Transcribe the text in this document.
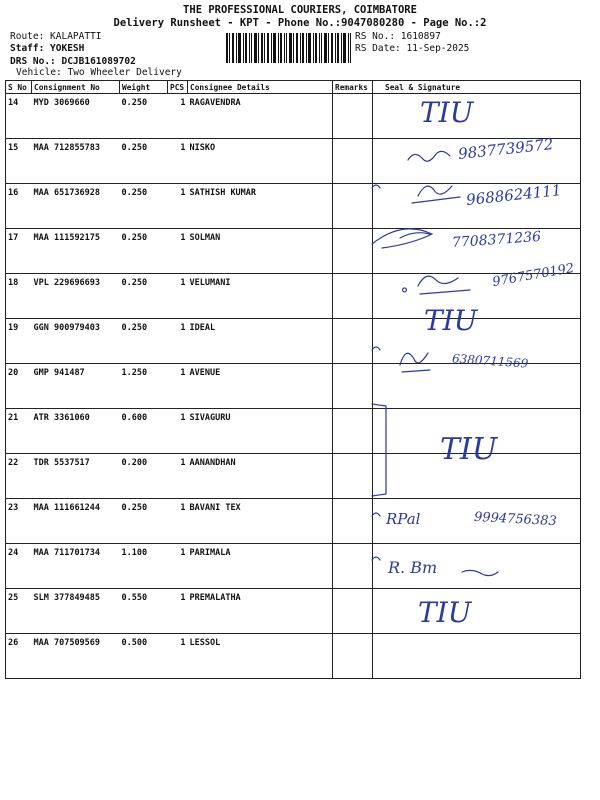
THE PROFESSIONAL COURIERS, COIMBATORE
Delivery Runsheet - KPT - Phone No.:9047080280 - Page No.:2
Route: KALAPATTI
Staff: YOKESH
DRS No.: DCJB161089702
Vehicle: Two Wheeler Delivery
RS No.: 1610897
RS Date: 11-Sep-2025
S No	Consignment No	Weight	PCS	Consignee Details	Remarks	Seal & Signature
14	MYD 3069660	0.250	1	RAGAVENDRA		
15	MAA 712855783	0.250	1	NISKO		
16	MAA 651736928	0.250	1	SATHISH KUMAR		
17	MAA 111592175	0.250	1	SOLMAN		
18	VPL 229696693	0.250	1	VELUMANI		
19	GGN 900979403	0.250	1	IDEAL		
20	GMP 941487	1.250	1	AVENUE		
21	ATR 3361060	0.600	1	SIVAGURU		
22	TDR 5537517	0.200	1	AANANDHAN		
23	MAA 111661244	0.250	1	BAVANI TEX		
24	MAA 711701734	1.100	1	PARIMALA		
25	SLM 377849485	0.550	1	PREMALATHA		
26	MAA 707509569	0.500	1	LESSOL		
TIU
9837739572
9688624111
7708371236
9767570192
TIU
6380711569
TIU
RPal	9994756383
R. Bm
TIU
